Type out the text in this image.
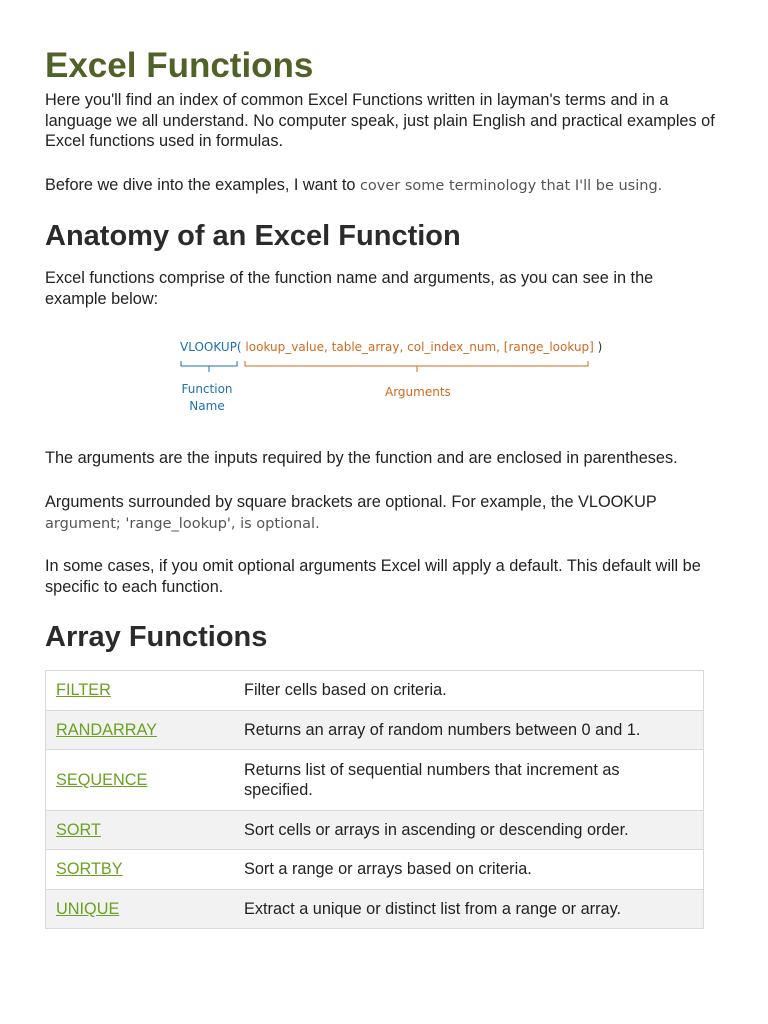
Excel Functions

Here you'll find an index of common Excel Functions written in layman's terms and in a language we all understand. No computer speak, just plain English and practical examples of Excel functions used in formulas.

Before we dive into the examples, I want to cover some terminology that I'll be using.

Anatomy of an Excel Function

Excel functions comprise of the function name and arguments, as you can see in the example below:

VLOOKUP( lookup_value, table_array, col_index_num, [range_lookup] )
Function
Name
Arguments

The arguments are the inputs required by the function and are enclosed in parentheses.

Arguments surrounded by square brackets are optional. For example, the VLOOKUP
argument; 'range_lookup', is optional.

In some cases, if you omit optional arguments Excel will apply a default. This default will be specific to each function.

Array Functions
FILTER	Filter cells based on criteria.
RANDARRAY	Returns an array of random numbers between 0 and 1.
SEQUENCE	Returns list of sequential numbers that increment as specified.
SORT	Sort cells or arrays in ascending or descending order.
SORTBY	Sort a range or arrays based on criteria.
UNIQUE	Extract a unique or distinct list from a range or array.
